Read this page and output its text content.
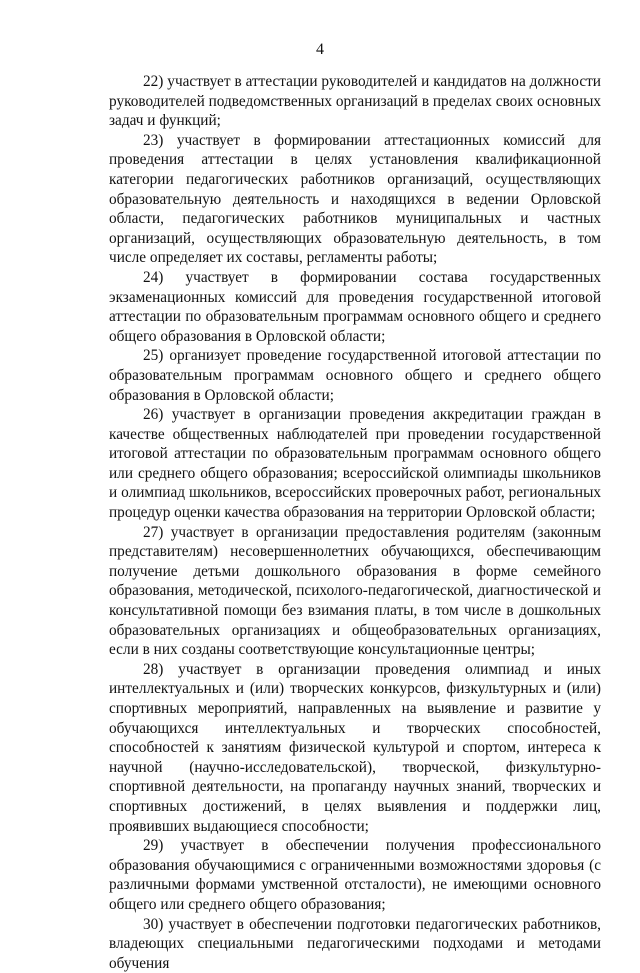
4

22) участвует в аттестации руководителей и кандидатов на должности руководителей подведомственных организаций в пределах своих основных задач и функций;

23) участвует в формировании аттестационных комиссий для проведения аттестации в целях установления квалификационной категории педагогических работников организаций, осуществляющих образовательную деятельность и находящихся в ведении Орловской области, педагогических работников муниципальных и частных организаций, осуществляющих образовательную деятельность, в том числе определяет их составы, регламенты работы;

24) участвует в формировании состава государственных экзаменационных комиссий для проведения государственной итоговой аттестации по образовательным программам основного общего и среднего общего образования в Орловской области;

25) организует проведение государственной итоговой аттестации по образовательным программам основного общего и среднего общего образования в Орловской области;

26) участвует в организации проведения аккредитации граждан в качестве общественных наблюдателей при проведении государственной итоговой аттестации по образовательным программам основного общего или среднего общего образования; всероссийской олимпиады школьников и олимпиад школьников, всероссийских проверочных работ, региональных процедур оценки качества образования на территории Орловской области;

27) участвует в организации предоставления родителям (законным представителям) несовершеннолетних обучающихся, обеспечивающим получение детьми дошкольного образования в форме семейного образования, методической, психолого-педагогической, диагностической и консультативной помощи без взимания платы, в том числе в дошкольных образовательных организациях и общеобразовательных организациях, если в них созданы соответствующие консультационные центры;

28) участвует в организации проведения олимпиад и иных интеллектуальных и (или) творческих конкурсов, физкультурных и (или) спортивных мероприятий, направленных на выявление и развитие у обучающихся интеллектуальных и творческих способностей, способностей к занятиям физической культурой и спортом, интереса к научной (научно-исследовательской), творческой, физкультурно-спортивной деятельности, на пропаганду научных знаний, творческих и спортивных достижений, в целях выявления и поддержки лиц, проявивших выдающиеся способности;

29) участвует в обеспечении получения профессионального образования обучающимися с ограниченными возможностями здоровья (с различными формами умственной отсталости), не имеющими основного общего или среднего общего образования;

30) участвует в обеспечении подготовки педагогических работников, владеющих специальными педагогическими подходами и методами обучения
